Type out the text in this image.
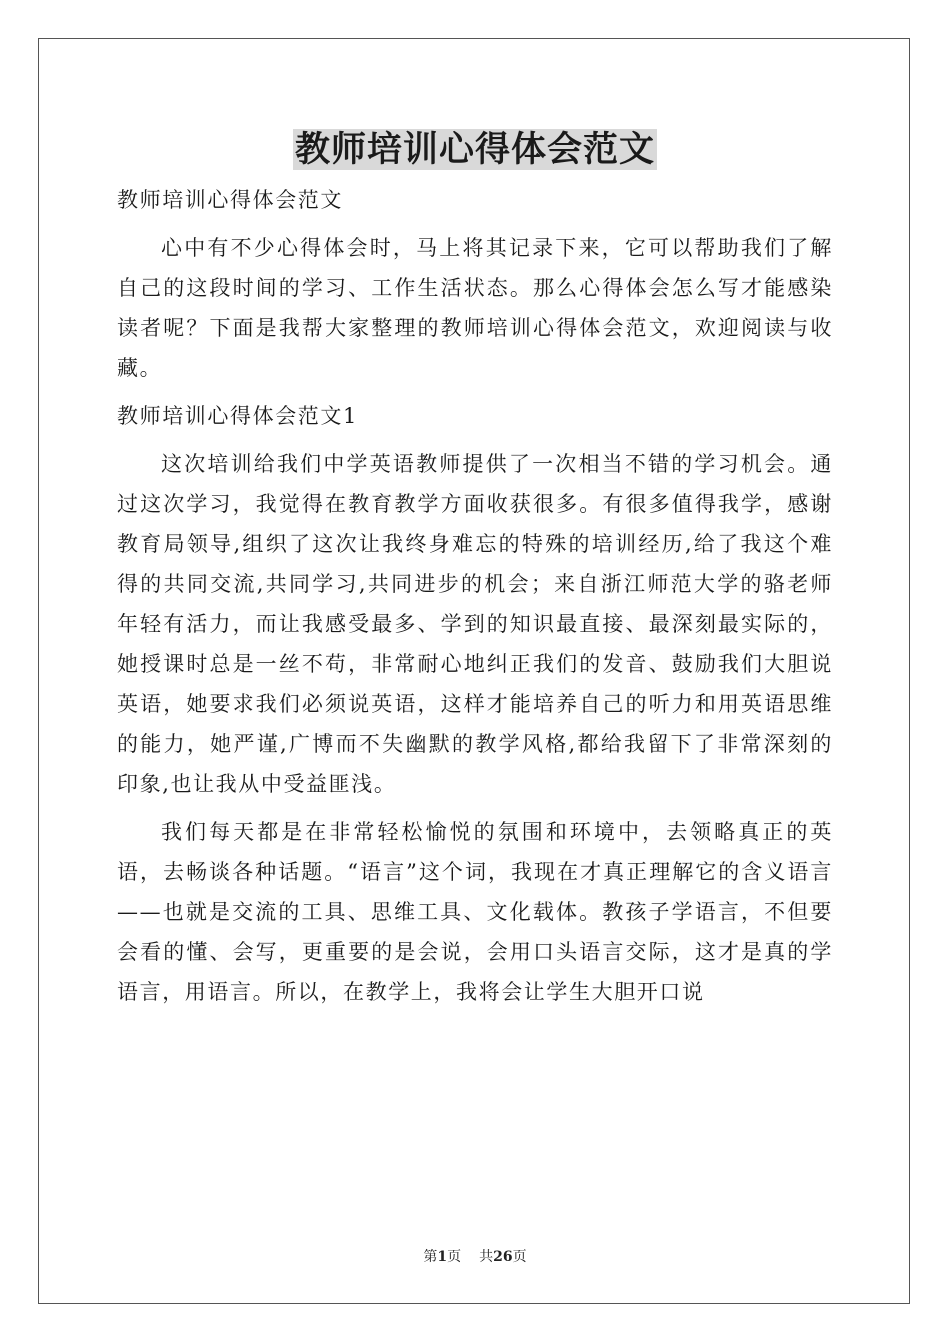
教师培训心得体会范文

教师培训心得体会范文

心中有不少心得体会时，马上将其记录下来，它可以帮助我们了解自己的这段时间的学习、工作生活状态。那么心得体会怎么写才能感染读者呢？下面是我帮大家整理的教师培训心得体会范文，欢迎阅读与收藏。

教师培训心得体会范文1

这次培训给我们中学英语教师提供了一次相当不错的学习机会。通过这次学习，我觉得在教育教学方面收获很多。有很多值得我学，感谢教育局领导,组织了这次让我终身难忘的特殊的培训经历,给了我这个难得的共同交流,共同学习,共同进步的机会；来自浙江师范大学的骆老师年轻有活力，而让我感受最多、学到的知识最直接、最深刻最实际的，她授课时总是一丝不苟，非常耐心地纠正我们的发音、鼓励我们大胆说英语，她要求我们必须说英语，这样才能培养自己的听力和用英语思维的能力，她严谨,广博而不失幽默的教学风格,都给我留下了非常深刻的印象,也让我从中受益匪浅。

我们每天都是在非常轻松愉悦的氛围和环境中，去领略真正的英语，去畅谈各种话题。“语言”这个词，我现在才真正理解它的含义语言——也就是交流的工具、思维工具、文化载体。教孩子学语言，不但要会看的懂、会写，更重要的是会说，会用口头语言交际，这才是真的学语言，用语言。所以，在教学上，我将会让学生大胆开口说

第1页 共26页
